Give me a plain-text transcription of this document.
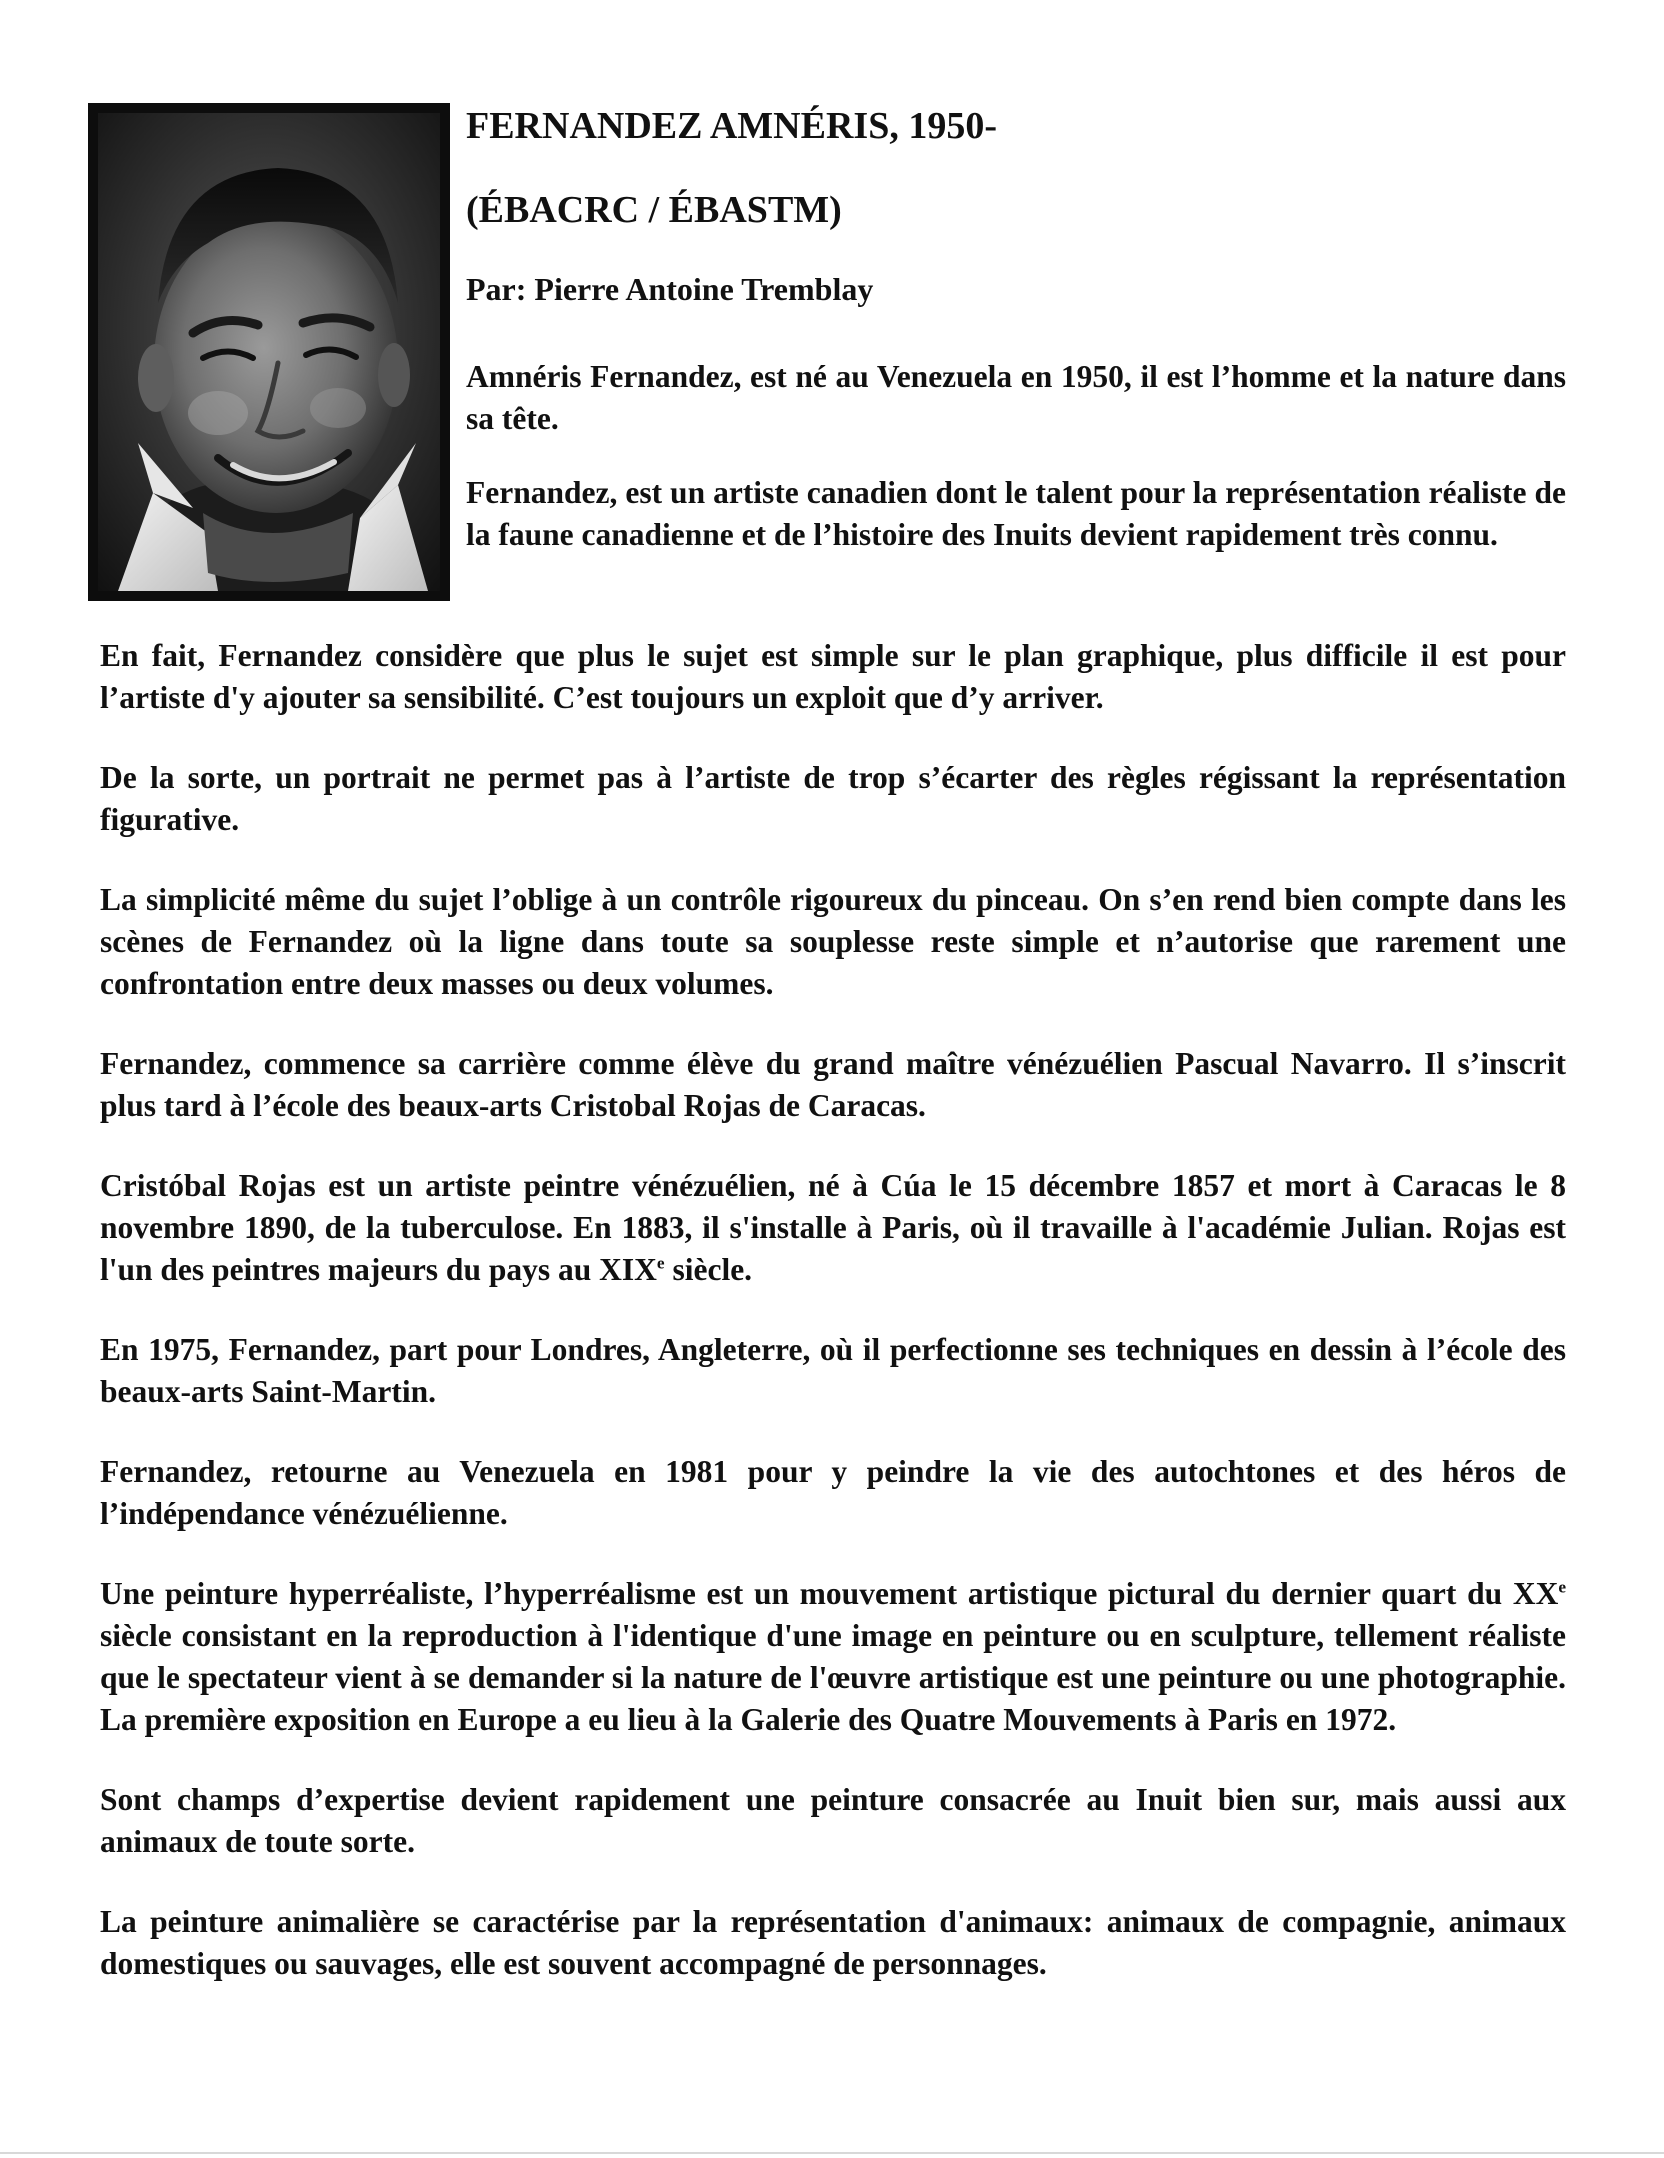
FERNANDEZ AMNÉRIS, 1950-

(ÉBACRC / ÉBASTM)

Par: Pierre Antoine Tremblay

Amnéris Fernandez, est né au Venezuela en 1950, il est l’homme et la nature dans sa tête.

Fernandez, est un artiste canadien dont le talent pour la représentation réaliste de la faune canadienne et de l’histoire des Inuits devient rapidement très connu.

En fait, Fernandez considère que plus le sujet est simple sur le plan graphique, plus difficile il est pour l’artiste d'y ajouter sa sensibilité. C’est toujours un exploit que d’y arriver.

De la sorte, un portrait ne permet pas à l’artiste de trop s’écarter des règles régissant la représentation figurative.

La simplicité même du sujet l’oblige à un contrôle rigoureux du pinceau. On s’en rend bien compte dans les scènes de Fernandez où la ligne dans toute sa souplesse reste simple et n’autorise que rarement une confrontation entre deux masses ou deux volumes.

Fernandez, commence sa carrière comme élève du grand maître vénézuélien Pascual Navarro. Il s’inscrit plus tard à l’école des beaux-arts Cristobal Rojas de Caracas.

Cristóbal Rojas est un artiste peintre vénézuélien, né à Cúa le 15 décembre 1857 et mort à Caracas le 8 novembre 1890, de la tuberculose. En 1883, il s'installe à Paris, où il travaille à l'académie Julian. Rojas est l'un des peintres majeurs du pays au XIXe siècle.

En 1975, Fernandez, part pour Londres, Angleterre, où il perfectionne ses techniques en dessin à l’école des beaux-arts Saint-Martin.

Fernandez, retourne au Venezuela en 1981 pour y peindre la vie des autochtones et des héros de l’indépendance vénézuélienne.

Une peinture hyperréaliste, l’hyperréalisme est un mouvement artistique pictural du dernier quart du XXe siècle consistant en la reproduction à l'identique d'une image en peinture ou en sculpture, tellement réaliste que le spectateur vient à se demander si la nature de l'œuvre artistique est une peinture ou une photographie. La première exposition en Europe a eu lieu à la Galerie des Quatre Mouvements à Paris en 1972.

Sont champs d’expertise devient rapidement une peinture consacrée au Inuit bien sur, mais aussi aux animaux de toute sorte.

La peinture animalière se caractérise par la représentation d'animaux: animaux de compagnie, animaux domestiques ou sauvages, elle est souvent accompagné de personnages.
